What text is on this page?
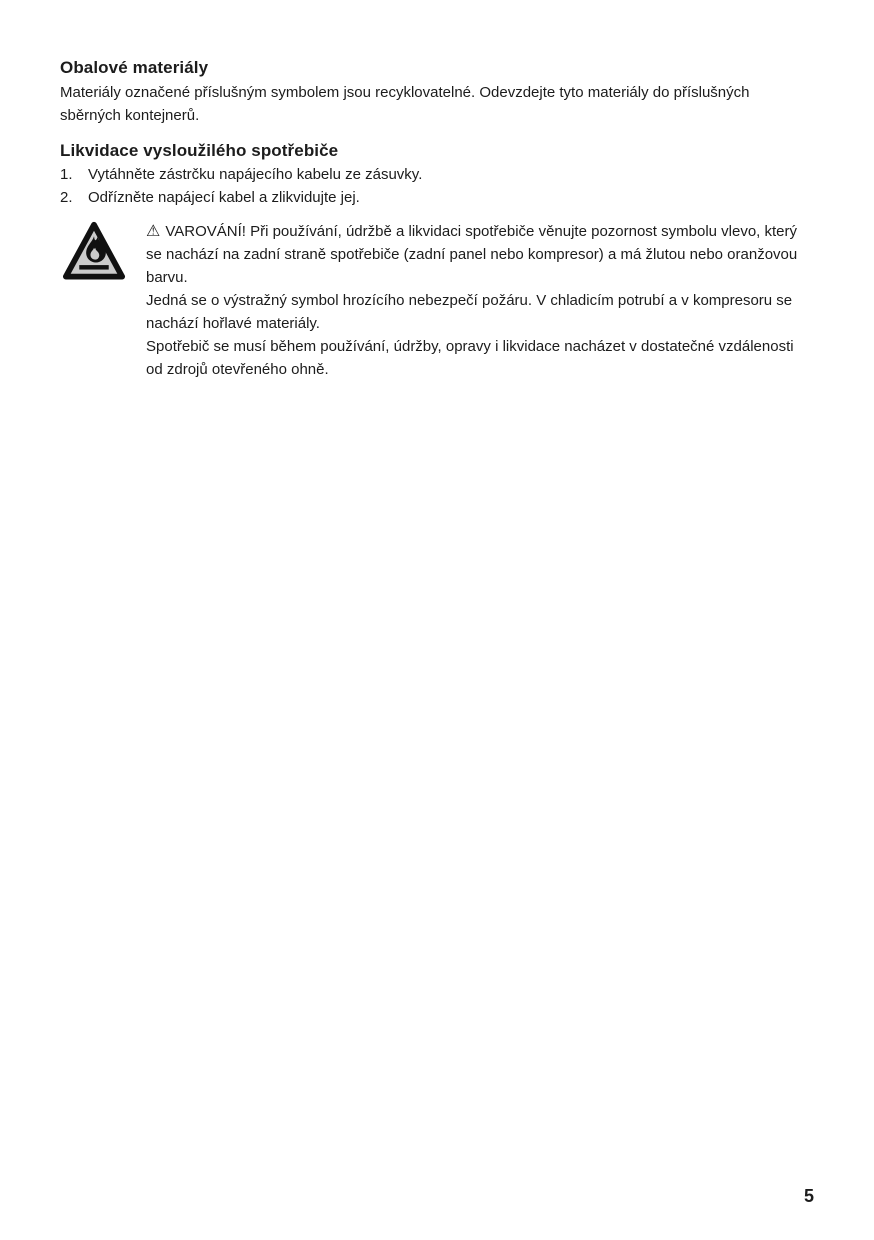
Obalové materiály

Materiály označené příslušným symbolem jsou recyklovatelné. Odevzdejte tyto materiály do příslušných sběrných kontejnerů.

Likvidace vysloužilého spotřebiče
1.	Vytáhněte zástrčku napájecího kabelu ze zásuvky.
2.	Odřízněte napájecí kabel a zlikvidujte jej.

⚠ VAROVÁNÍ! Při používání, údržbě a likvidaci spotřebiče věnujte pozornost symbolu vlevo, který se nachází na zadní straně spotřebiče (zadní panel nebo kompresor) a má žlutou nebo oranžovou barvu.

Jedná se o výstražný symbol hrozícího nebezpečí požáru. V chladicím potrubí a v kompresoru se nachází hořlavé materiály.

Spotřebič se musí během používání, údržby, opravy i likvidace nacházet v dostatečné vzdálenosti od zdrojů otevřeného ohně.

5
